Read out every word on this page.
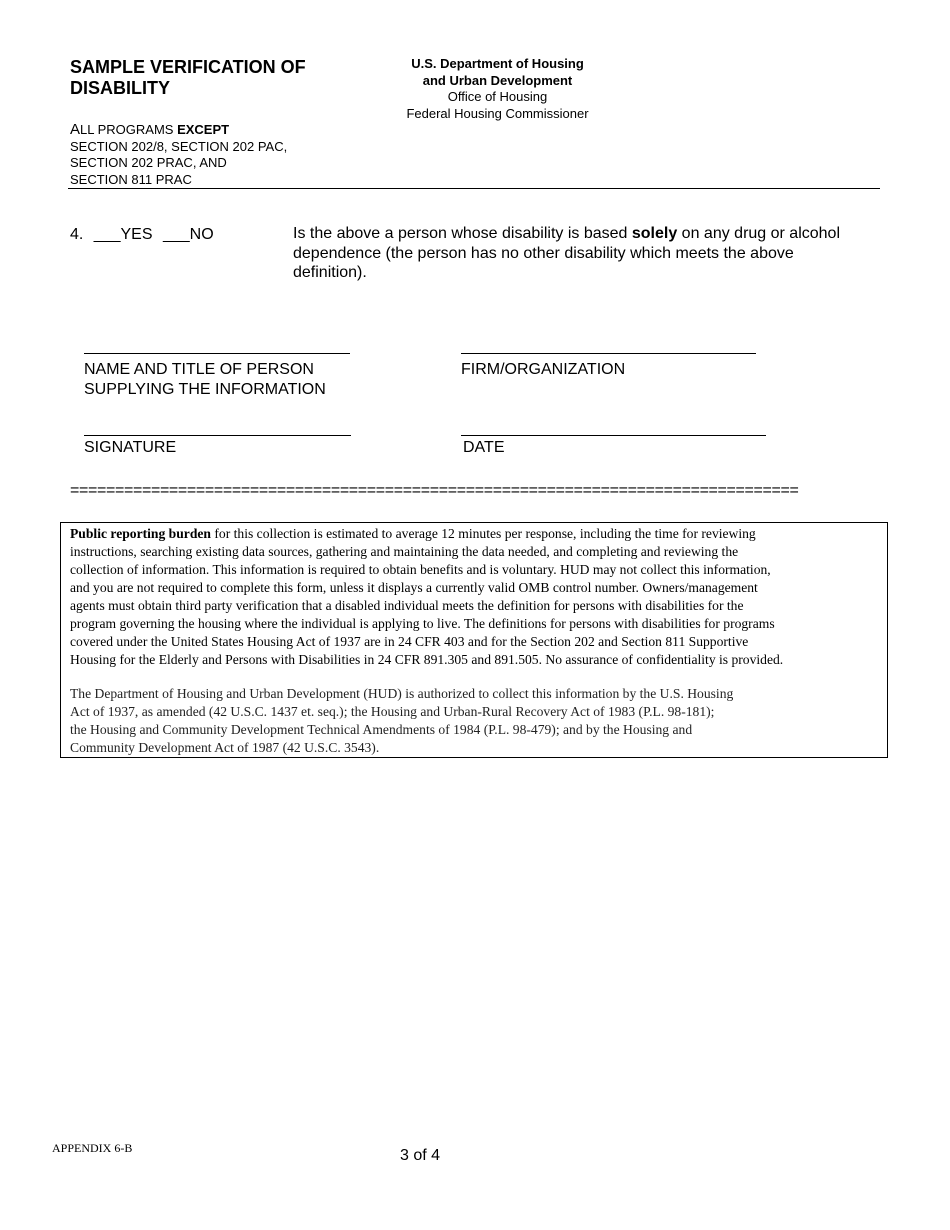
SAMPLE VERIFICATION OF
DISABILITY
U.S. Department of Housing
and Urban Development
Office of Housing
Federal Housing Commissioner
ALL PROGRAMS EXCEPT
SECTION 202/8, SECTION 202 PAC,
SECTION 202 PRAC, AND
SECTION 811 PRAC
4. ___YES ___NO	Is the above a person whose disability is based solely on any drug or alcohol dependence (the person has no other disability which meets the above definition).
NAME AND TITLE OF PERSON
SUPPLYING THE INFORMATION
FIRM/ORGANIZATION
SIGNATURE	DATE
=================================================================================
Public reporting burden for this collection is estimated to average 12 minutes per response, including the time for reviewing
instructions, searching existing data sources, gathering and maintaining the data needed, and completing and reviewing the
collection of information. This information is required to obtain benefits and is voluntary. HUD may not collect this information,
and you are not required to complete this form, unless it displays a currently valid OMB control number. Owners/management
agents must obtain third party verification that a disabled individual meets the definition for persons with disabilities for the
program governing the housing where the individual is applying to live. The definitions for persons with disabilities for programs
covered under the United States Housing Act of 1937 are in 24 CFR 403 and for the Section 202 and Section 811 Supportive
Housing for the Elderly and Persons with Disabilities in 24 CFR 891.305 and 891.505. No assurance of confidentiality is provided.
The Department of Housing and Urban Development (HUD) is authorized to collect this information by the U.S. Housing
Act of 1937, as amended (42 U.S.C. 1437 et. seq.); the Housing and Urban-Rural Recovery Act of 1983 (P.L. 98-181);
the Housing and Community Development Technical Amendments of 1984 (P.L. 98-479); and by the Housing and
Community Development Act of 1987 (42 U.S.C. 3543).
APPENDIX 6-B	3 of 4
